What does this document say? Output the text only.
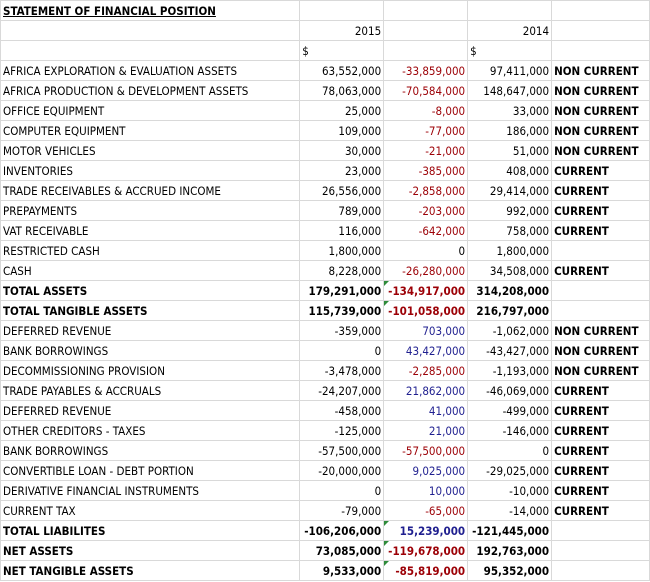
STATEMENT OF FINANCIAL POSITION				
	2015		2014	
	$		$	
AFRICA EXPLORATION & EVALUATION ASSETS	63,552,000	-33,859,000	97,411,000	NON CURRENT
AFRICA PRODUCTION & DEVELOPMENT ASSETS	78,063,000	-70,584,000	148,647,000	NON CURRENT
OFFICE EQUIPMENT	25,000	-8,000	33,000	NON CURRENT
COMPUTER EQUIPMENT	109,000	-77,000	186,000	NON CURRENT
MOTOR VEHICLES	30,000	-21,000	51,000	NON CURRENT
INVENTORIES	23,000	-385,000	408,000	CURRENT
TRADE RECEIVABLES & ACCRUED INCOME	26,556,000	-2,858,000	29,414,000	CURRENT
PREPAYMENTS	789,000	-203,000	992,000	CURRENT
VAT RECEIVABLE	116,000	-642,000	758,000	CURRENT
RESTRICTED CASH	1,800,000	0	1,800,000	
CASH	8,228,000	-26,280,000	34,508,000	CURRENT
TOTAL ASSETS	179,291,000	-134,917,000	314,208,000	
TOTAL TANGIBLE ASSETS	115,739,000	-101,058,000	216,797,000	
DEFERRED REVENUE	-359,000	703,000	-1,062,000	NON CURRENT
BANK BORROWINGS	0	43,427,000	-43,427,000	NON CURRENT
DECOMMISSIONING PROVISION	-3,478,000	-2,285,000	-1,193,000	NON CURRENT
TRADE PAYABLES & ACCRUALS	-24,207,000	21,862,000	-46,069,000	CURRENT
DEFERRED REVENUE	-458,000	41,000	-499,000	CURRENT
OTHER CREDITORS - TAXES	-125,000	21,000	-146,000	CURRENT
BANK BORROWINGS	-57,500,000	-57,500,000	0	CURRENT
CONVERTIBLE LOAN - DEBT PORTION	-20,000,000	9,025,000	-29,025,000	CURRENT
DERIVATIVE FINANCIAL INSTRUMENTS	0	10,000	-10,000	CURRENT
CURRENT TAX	-79,000	-65,000	-14,000	CURRENT
TOTAL LIABILITES	-106,206,000	15,239,000	-121,445,000	
NET ASSETS	73,085,000	-119,678,000	192,763,000	
NET TANGIBLE ASSETS	9,533,000	-85,819,000	95,352,000	
